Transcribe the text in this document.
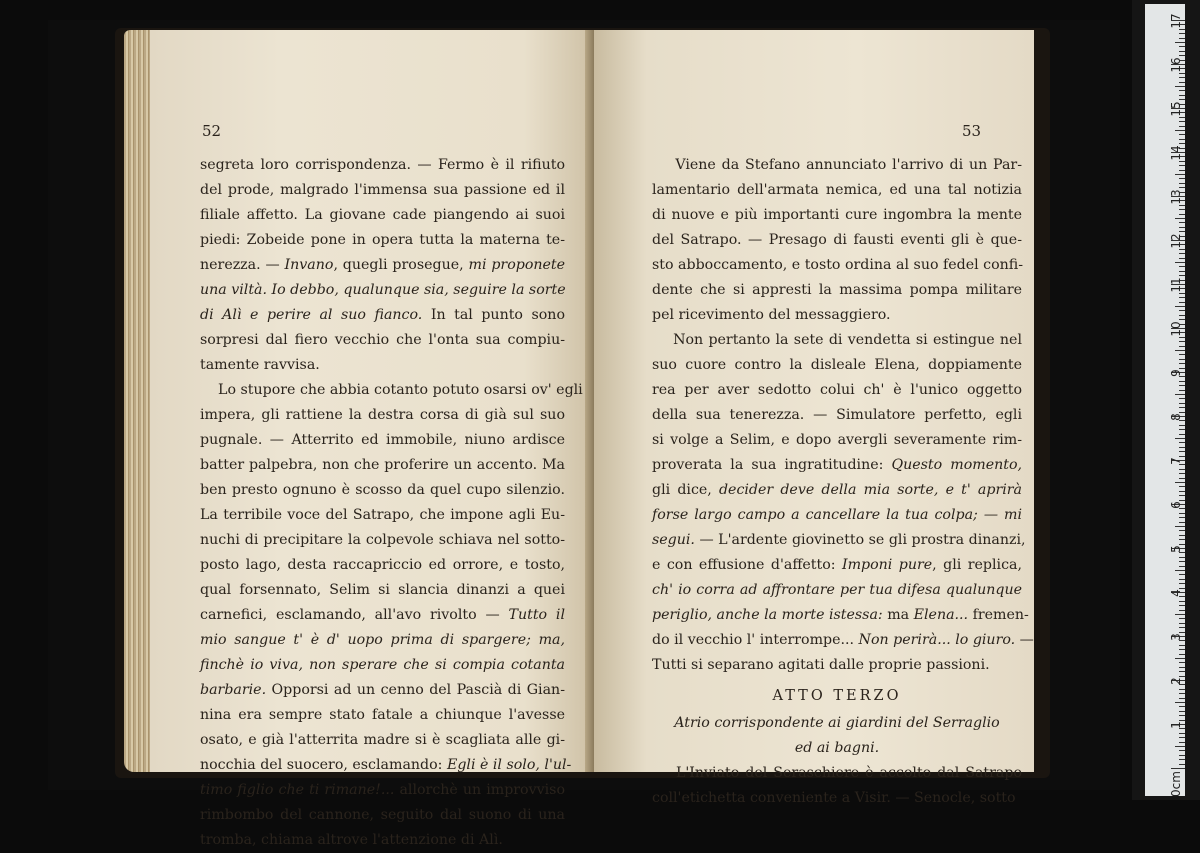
52
segreta loro corrispondenza. — Fermo è il rifiuto
del prode, malgrado l'immensa sua passione ed il
filiale affetto. La giovane cade piangendo ai suoi
piedi: Zobeide pone in opera tutta la materna te-
nerezza. — Invano, quegli prosegue, mi proponete
una viltà. Io debbo, qualunque sia, seguire la sorte
di Alì e perire al suo fianco. In tal punto sono
sorpresi dal fiero vecchio che l'onta sua compiu-
tamente ravvisa.
Lo stupore che abbia cotanto potuto osarsi ov' egli
impera, gli rattiene la destra corsa di già sul suo
pugnale. — Atterrito ed immobile, niuno ardisce
batter palpebra, non che proferire un accento. Ma
ben presto ognuno è scosso da quel cupo silenzio.
La terribile voce del Satrapo, che impone agli Eu-
nuchi di precipitare la colpevole schiava nel sotto-
posto lago, desta raccapriccio ed orrore, e tosto,
qual forsennato, Selim si slancia dinanzi a quei
carnefici, esclamando, all'avo rivolto — Tutto il
mio sangue t' è d' uopo prima di spargere; ma,
finchè io viva, non sperare che si compia cotanta
barbarie. Opporsi ad un cenno del Pascià di Gian-
nina era sempre stato fatale a chiunque l'avesse
osato, e già l'atterrita madre si è scagliata alle gi-
nocchia del suocero, esclamando: Egli è il solo, l'ul-
timo figlio che ti rimane!... allorchè un improvviso
rimbombo del cannone, seguito dal suono di una
tromba, chiama altrove l'attenzione di Alì.
53
Viene da Stefano annunciato l'arrivo di un Par-
lamentario dell'armata nemica, ed una tal notizia
di nuove e più importanti cure ingombra la mente
del Satrapo. — Presago di fausti eventi gli è que-
sto abboccamento, e tosto ordina al suo fedel confi-
dente che si appresti la massima pompa militare
pel ricevimento del messaggiero.
Non pertanto la sete di vendetta si estingue nel
suo cuore contro la disleale Elena, doppiamente
rea per aver sedotto colui ch' è l'unico oggetto
della sua tenerezza. — Simulatore perfetto, egli
si volge a Selim, e dopo avergli severamente rim-
proverata la sua ingratitudine: Questo momento,
gli dice, decider deve della mia sorte, e t' aprirà
forse largo campo a cancellare la tua colpa; — mi
segui. — L'ardente giovinetto se gli prostra dinanzi,
e con effusione d'affetto: Imponi pure, gli replica,
ch' io corra ad affrontare per tua difesa qualunque
periglio, anche la morte istessa: ma Elena... fremen-
do il vecchio l' interrompe... Non perirà... lo giuro. —
Tutti si separano agitati dalle proprie passioni.
ATTO TERZO
Atrio corrispondente ai giardini del Serraglio
ed ai bagni.
L'Inviato del Seraschiere è accolto dal Satrapo
coll'etichetta conveniente a Visir. — Senocle, sotto
0cm
1
2
3
4
5
6
7
8
9
10
11
12
13
14
15
16
17
